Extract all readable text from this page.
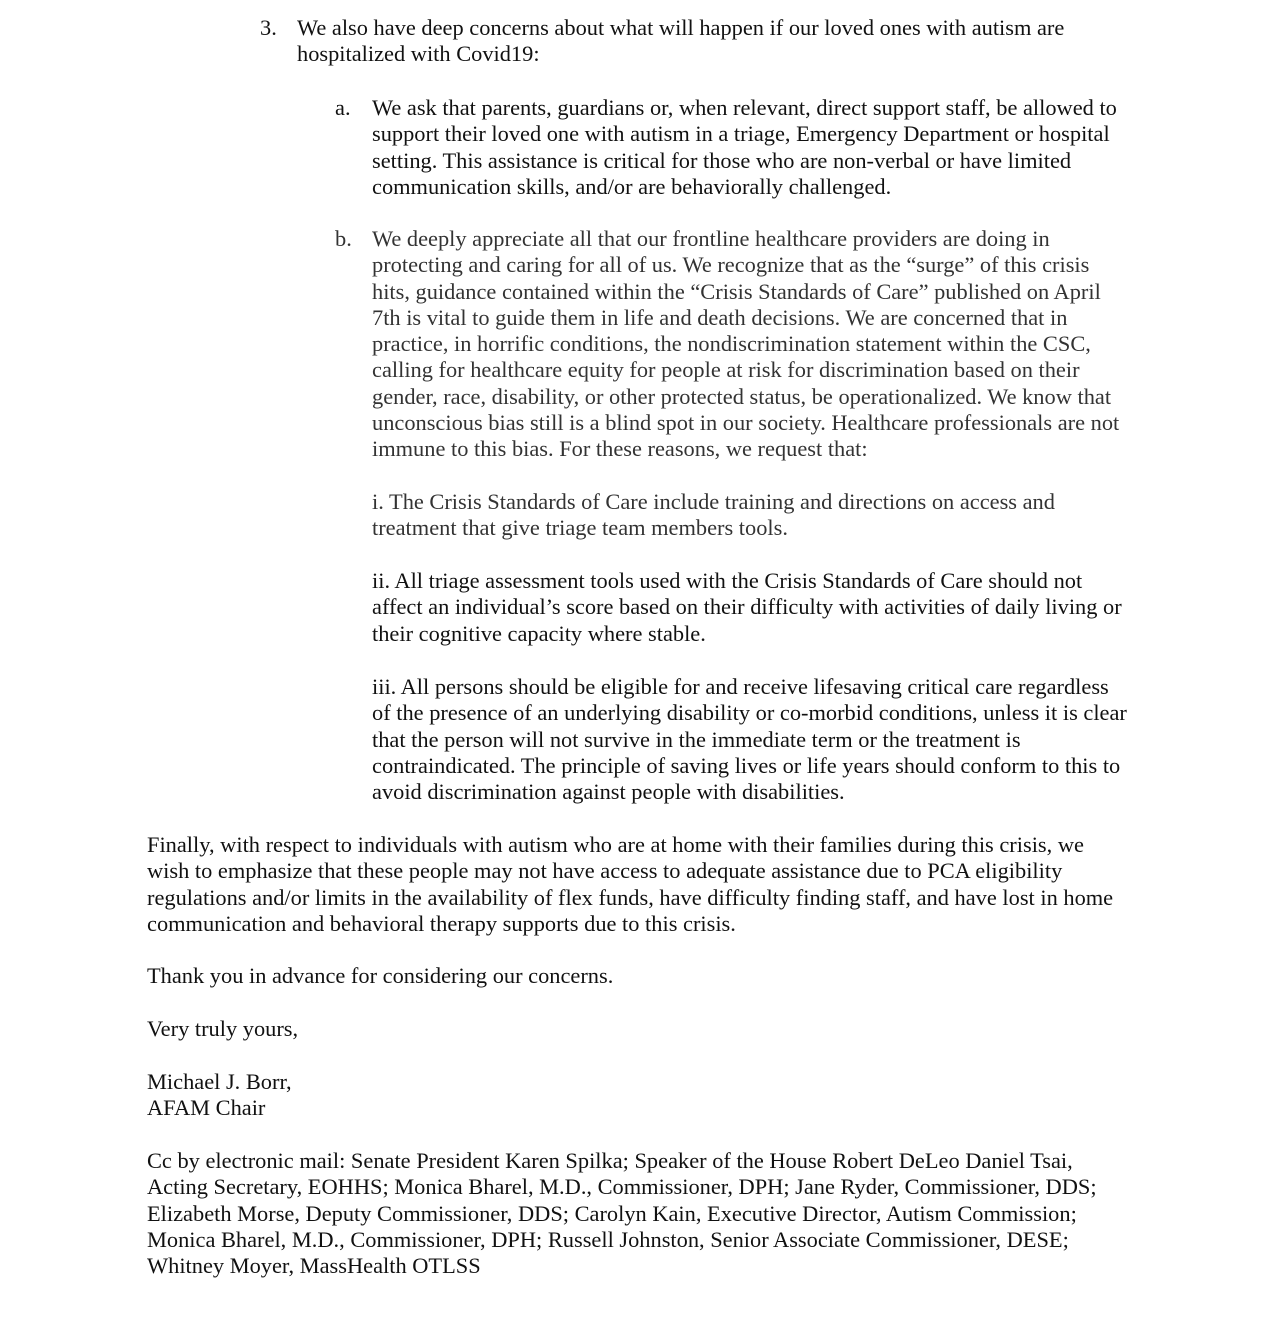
3. We also have deep concerns about what will happen if our loved ones with autism are hospitalized with Covid19:

a. We ask that parents, guardians or, when relevant, direct support staff, be allowed to support their loved one with autism in a triage, Emergency Department or hospital setting. This assistance is critical for those who are non-verbal or have limited communication skills, and/or are behaviorally challenged.

b. We deeply appreciate all that our frontline healthcare providers are doing in protecting and caring for all of us. We recognize that as the “surge” of this crisis hits, guidance contained within the “Crisis Standards of Care” published on April 7th is vital to guide them in life and death decisions. We are concerned that in practice, in horrific conditions, the nondiscrimination statement within the CSC, calling for healthcare equity for people at risk for discrimination based on their gender, race, disability, or other protected status, be operationalized. We know that unconscious bias still is a blind spot in our society. Healthcare professionals are not immune to this bias. For these reasons, we request that:

i. The Crisis Standards of Care include training and directions on access and treatment that give triage team members tools.

ii. All triage assessment tools used with the Crisis Standards of Care should not affect an individual’s score based on their difficulty with activities of daily living or their cognitive capacity where stable.

iii. All persons should be eligible for and receive lifesaving critical care regardless of the presence of an underlying disability or co-morbid conditions, unless it is clear that the person will not survive in the immediate term or the treatment is contraindicated. The principle of saving lives or life years should conform to this to avoid discrimination against people with disabilities.

Finally, with respect to individuals with autism who are at home with their families during this crisis, we wish to emphasize that these people may not have access to adequate assistance due to PCA eligibility regulations and/or limits in the availability of flex funds, have difficulty finding staff, and have lost in home communication and behavioral therapy supports due to this crisis.

Thank you in advance for considering our concerns.

Very truly yours,

Michael J. Borr,
AFAM Chair

Cc by electronic mail: Senate President Karen Spilka; Speaker of the House Robert DeLeo Daniel Tsai, Acting Secretary, EOHHS; Monica Bharel, M.D., Commissioner, DPH; Jane Ryder, Commissioner, DDS; Elizabeth Morse, Deputy Commissioner, DDS; Carolyn Kain, Executive Director, Autism Commission; Monica Bharel, M.D., Commissioner, DPH; Russell Johnston, Senior Associate Commissioner, DESE; Whitney Moyer, MassHealth OTLSS
